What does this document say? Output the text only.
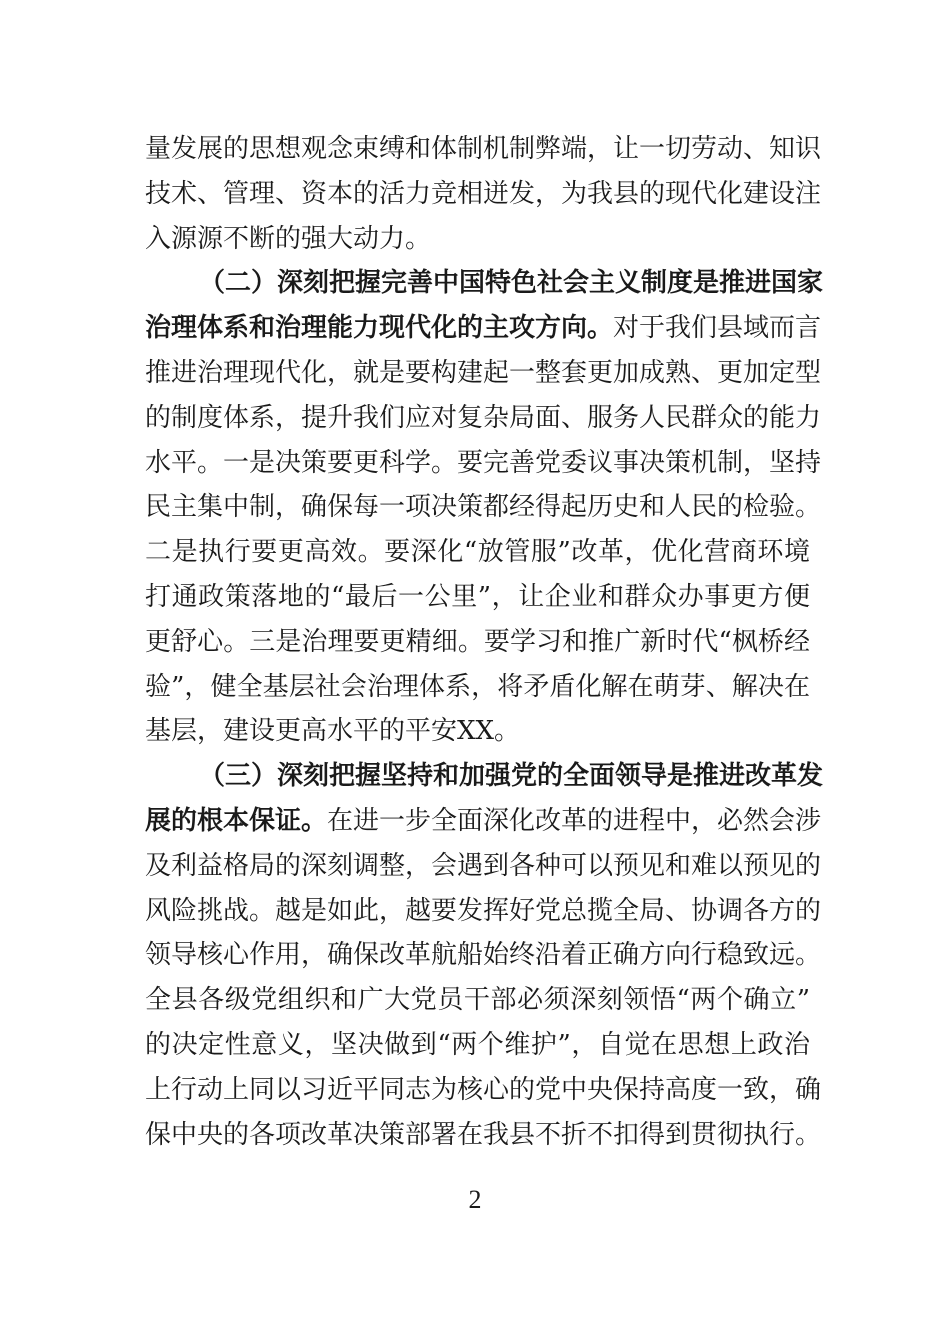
量发展的思想观念束缚和体制机制弊端，让一切劳动、知识
技术、管理、资本的活力竞相迸发，为我县的现代化建设注
入源源不断的强大动力。
（二）深刻把握完善中国特色社会主义制度是推进国家
治理体系和治理能力现代化的主攻方向。对于我们县域而言
推进治理现代化，就是要构建起一整套更加成熟、更加定型
的制度体系，提升我们应对复杂局面、服务人民群众的能力
水平。一是决策要更科学。要完善党委议事决策机制，坚持
民主集中制，确保每一项决策都经得起历史和人民的检验。
二是执行要更高效。要深化“放管服”改革，优化营商环境
打通政策落地的“最后一公里”，让企业和群众办事更方便
更舒心。三是治理要更精细。要学习和推广新时代“枫桥经
验”，健全基层社会治理体系，将矛盾化解在萌芽、解决在
基层，建设更高水平的平安XX。
（三）深刻把握坚持和加强党的全面领导是推进改革发
展的根本保证。在进一步全面深化改革的进程中，必然会涉
及利益格局的深刻调整，会遇到各种可以预见和难以预见的
风险挑战。越是如此，越要发挥好党总揽全局、协调各方的
领导核心作用，确保改革航船始终沿着正确方向行稳致远。
全县各级党组织和广大党员干部必须深刻领悟“两个确立”
的决定性意义，坚决做到“两个维护”，自觉在思想上政治
上行动上同以习近平同志为核心的党中央保持高度一致，确
保中央的各项改革决策部署在我县不折不扣得到贯彻执行。
2
